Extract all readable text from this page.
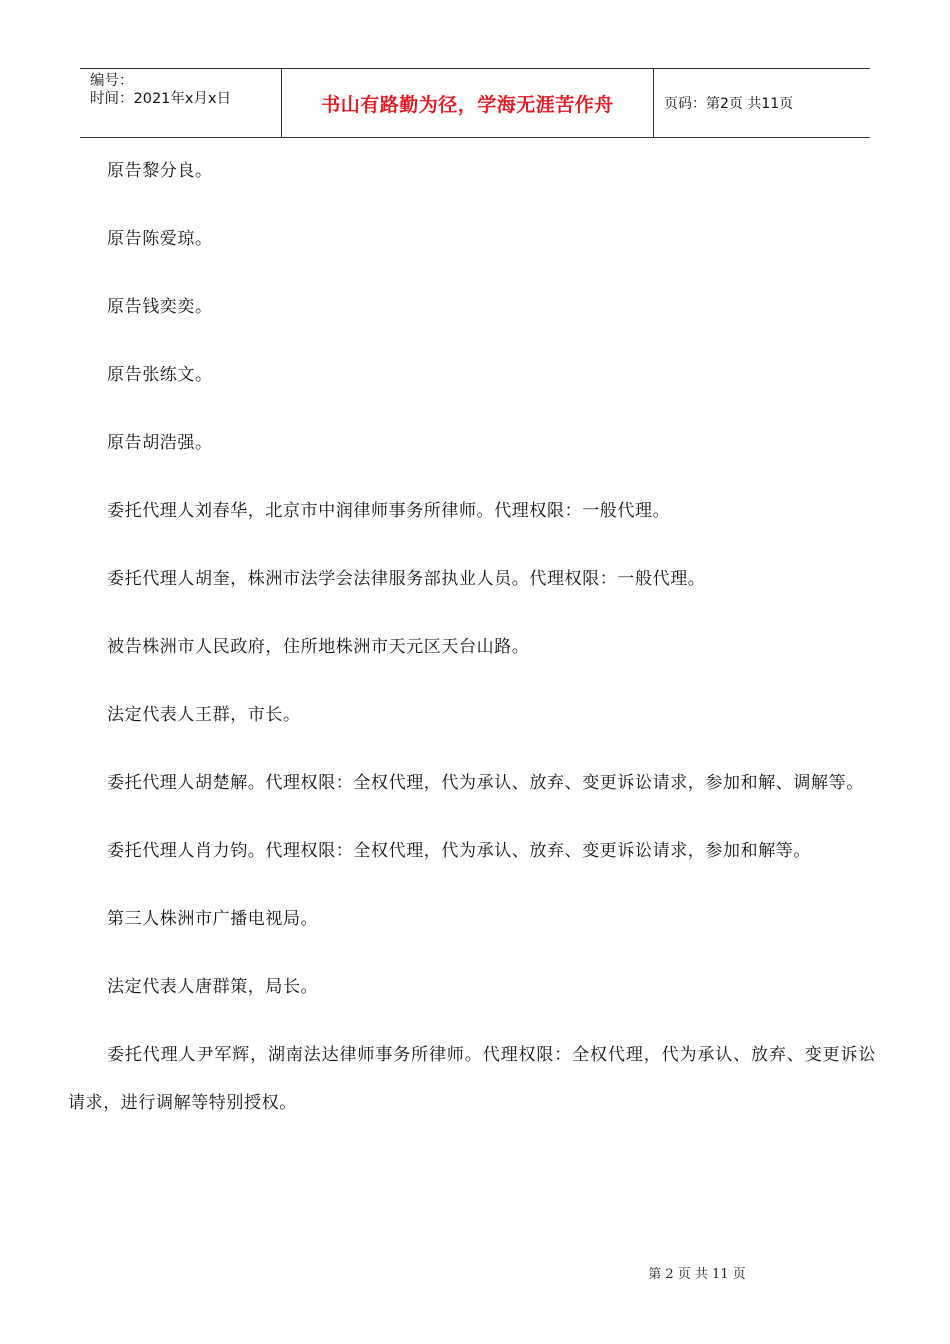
编号：
时间：2021年x月x日	书山有路勤为径，学海无涯苦作舟	页码：第2页 共11页

原告黎分良。

原告陈爱琼。

原告钱奕奕。

原告张练文。

原告胡浩强。

委托代理人刘春华，北京市中润律师事务所律师。代理权限：一般代理。

委托代理人胡奎，株洲市法学会法律服务部执业人员。代理权限：一般代理。

被告株洲市人民政府，住所地株洲市天元区天台山路。

法定代表人王群，市长。

委托代理人胡楚解。代理权限：全权代理，代为承认、放弃、变更诉讼请求，参加和解、调解等。

委托代理人肖力钧。代理权限：全权代理，代为承认、放弃、变更诉讼请求，参加和解等。

第三人株洲市广播电视局。

法定代表人唐群策，局长。

委托代理人尹军辉，湖南法达律师事务所律师。代理权限：全权代理，代为承认、放弃、变更诉讼请求，进行调解等特别授权。

第 2 页 共 11 页
